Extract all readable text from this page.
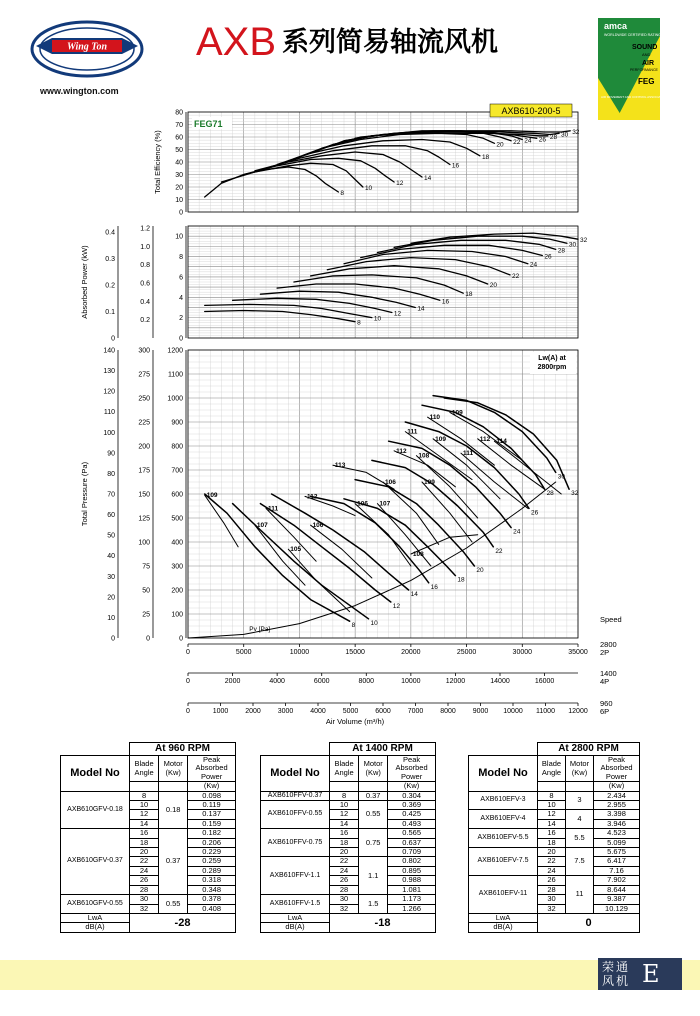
Wing Ton
www.wington.com
AXB 系列简易轴流风机
amca
WORLDWIDE CERTIFIED RATINGS
SOUND
AND
AIR
PERFORMANCE
FEG
AIR MOVEMENT AND CONTROL ASSOCIATION INTERNATIONAL, INC.
0
10
20
30
40
50
60
70
80
Total Efficiency (%)
FEG71
AXB610-200-5
8
10
12
14
16
18
20 22 24 26 28 30 32
0
2
4
6
8
10
0.2
0.4
0.6
0.8
1.0
1.2
0
0.1
0.2
0.3
0.4
Absorbed Power (kW)
8
10
12
14
16
18
20
22
24
26
28
30
32
0
100
200
300
400
500
600
700
800
900
1000
1100
1200
0
25
50
75
100
125
150
175
200
225
250
275
300
0
10
20
30
40
50
60
70
80
90
100
110
120
130
140
Total Pressure (Pa)
Lw(A) at
2800rpm
Pv [Pa]
109
107
105
111
106
112
106 107
113
106	109
112
108
111
109
111
110
112
109
114
108
8 10
12
14
16
18
20
22
24
26
28
30
32
Speed
0	5000	10000	15000	20000	25000	30000	35000
2800
2P
0	2000	4000	6000	8000	10000	12000	14000	16000
1400
4P
0	1000 2000 3000 4000 5000 6000 7000 8000 9000 10000 11000 12000
960
6P
Air Volume (m³/h)
	At 960 RPM		
Model No	Blade
Angle	Motor
(Kw)	Peak
Absorbed
Power
			(Kw)
AXB610GFV-0.18	8	0.18	0.098
	10		0.119
	12		0.137
	14		0.159
AXB610GFV-0.37	16	0.37	0.182
	18		0.206
	20		0.229
	22		0.259
	24		0.289
	26		0.318
	28		0.348
AXB610GFV-0.55	30	0.55	0.378
	32		0.408
LwA	-28		
dB(A)			
	At 1400 RPM		
Model No	Blade
Angle	Motor
(Kw)	Peak
Absorbed
Power
			(Kw)
AXB610FFV-0.37	8	0.37	0.304
AXB610FFV-0.55	10	0.55	0.369
	12		0.425
	14		0.493
AXB610FFV-0.75	16	0.75	0.565
	18		0.637
	20		0.709
AXB610FFV-1.1	22	1.1	0.802
	24		0.895
	26		0.988
	28		1.081
AXB610FFV-1.5	30	1.5	1.173
	32		1.266
LwA	-18		
dB(A)			
	At 2800 RPM		
Model No	Blade
Angle	Motor
(Kw)	Peak
Absorbed
Power
			(Kw)
AXB610EFV-3	8	3	2.434
	10		2.955
AXB610EFV-4	12	4	3.398
	14		3.946
AXB610EFV-5.5	16	5.5	4.523
	18		5.099
AXB610EFV-7.5	20	7.5	5.675
	22		6.417
	24		7.16
AXB610EFV-11	26	11	7.902
	28		8.644
	30		9.387
	32		10.129
LwA	0		
dB(A)			
荣通
风机 E 6
